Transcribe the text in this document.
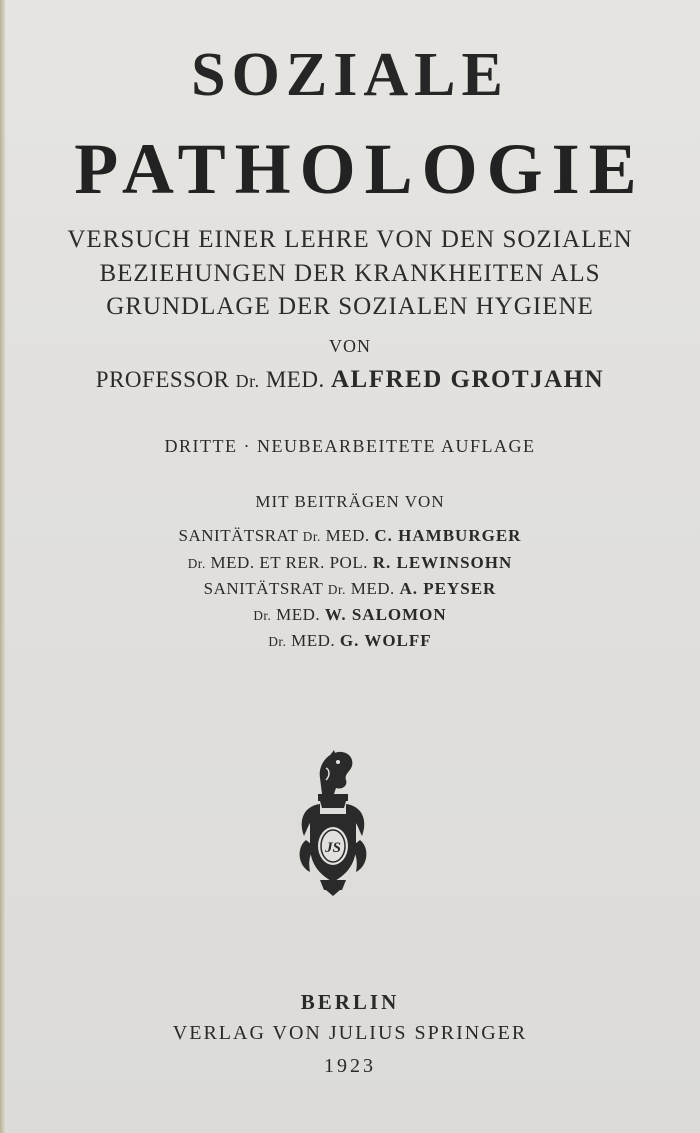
SOZIALE
PATHOLOGIE
VERSUCH EINER LEHRE VON DEN SOZIALEN
BEZIEHUNGEN DER KRANKHEITEN ALS
GRUNDLAGE DER SOZIALEN HYGIENE
VON
PROFESSOR Dr. MED. ALFRED GROTJAHN
DRITTE · NEUBEARBEITETE AUFLAGE
MIT BEITRÄGEN VON
SANITÄTSRAT Dr. MED. C. HAMBURGER
Dr. MED. ET RER. POL. R. LEWINSOHN
SANITÄTSRAT Dr. MED. A. PEYSER
Dr. MED. W. SALOMON
Dr. MED. G. WOLFF
JS
BERLIN
VERLAG VON JULIUS SPRINGER
1923
